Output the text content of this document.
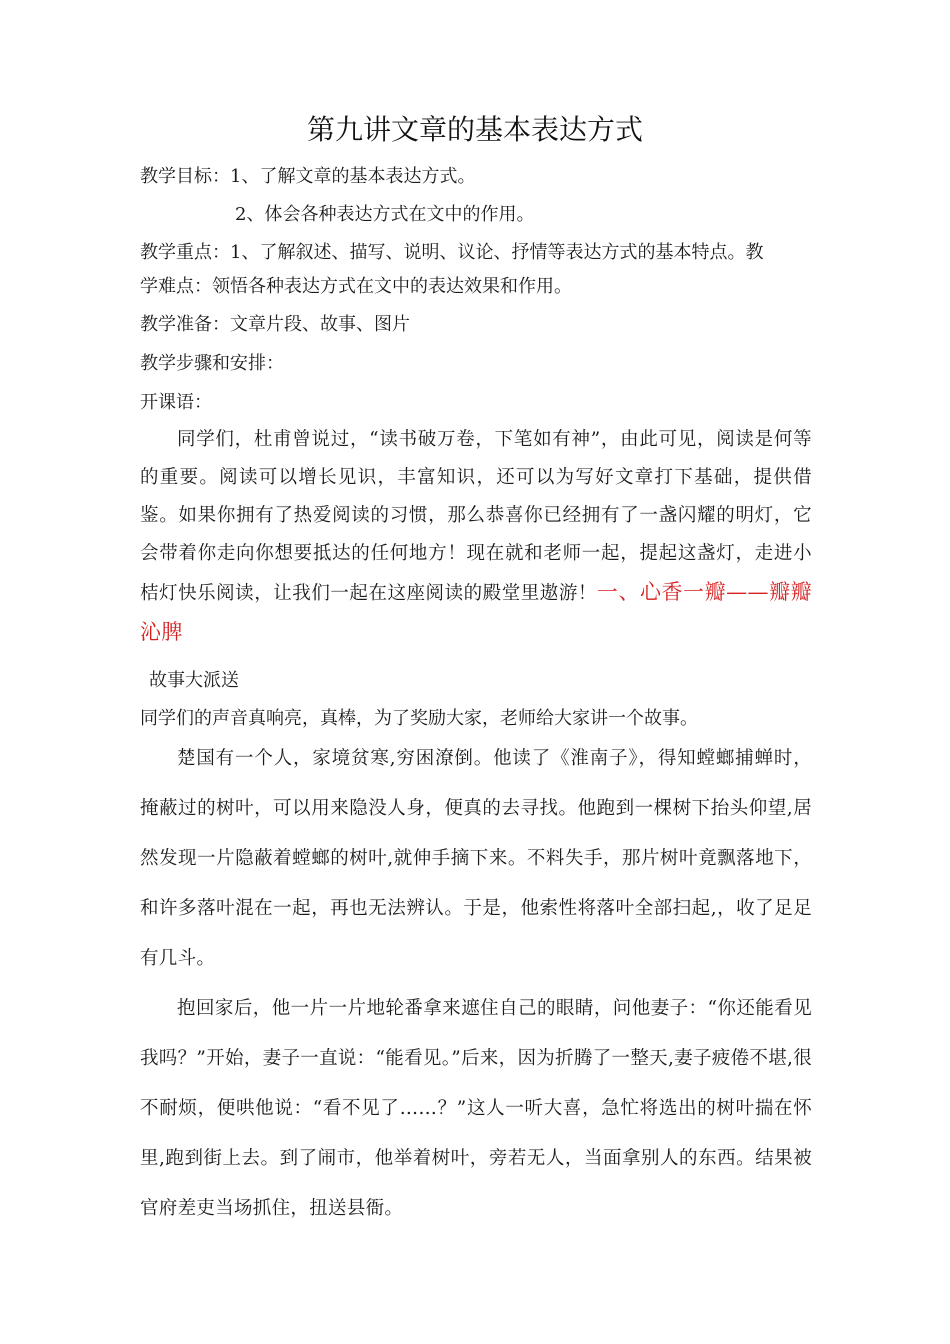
第九讲文章的基本表达方式
教学目标：1、了解文章的基本表达方式。
2、体会各种表达方式在文中的作用。
教学重点：1、了解叙述、描写、说明、议论、抒情等表达方式的基本特点。教
学难点：领悟各种表达方式在文中的表达效果和作用。
教学准备：文章片段、故事、图片
教学步骤和安排：
开课语：
同学们，杜甫曾说过，“读书破万卷，下笔如有神”，由此可见，阅读是何等的重要。阅读可以增长见识，丰富知识，还可以为写好文章打下基础，提供借鉴。如果你拥有了热爱阅读的习惯，那么恭喜你已经拥有了一盏闪耀的明灯，它会带着你走向你想要抵达的任何地方！现在就和老师一起，提起这盏灯，走进小桔灯快乐阅读，让我们一起在这座阅读的殿堂里遨游！一、心香一瓣——瓣瓣沁脾
故事大派送
同学们的声音真响亮，真棒，为了奖励大家，老师给大家讲一个故事。
楚国有一个人，家境贫寒,穷困潦倒。他读了《淮南子》，得知螳螂捕蝉时，掩蔽过的树叶，可以用来隐没人身，便真的去寻找。他跑到一棵树下抬头仰望,居然发现一片隐蔽着螳螂的树叶,就伸手摘下来。不料失手，那片树叶竟飘落地下，和许多落叶混在一起，再也无法辨认。于是，他索性将落叶全部扫起,，收了足足有几斗。
抱回家后，他一片一片地轮番拿来遮住自己的眼睛，问他妻子：“你还能看见我吗？”开始，妻子一直说：“能看见。”后来，因为折腾了一整天,妻子疲倦不堪,很不耐烦，便哄他说：“看不见了……？”这人一听大喜，急忙将选出的树叶揣在怀里,跑到街上去。到了闹市，他举着树叶，旁若无人，当面拿别人的东西。结果被官府差吏当场抓住，扭送县衙。
